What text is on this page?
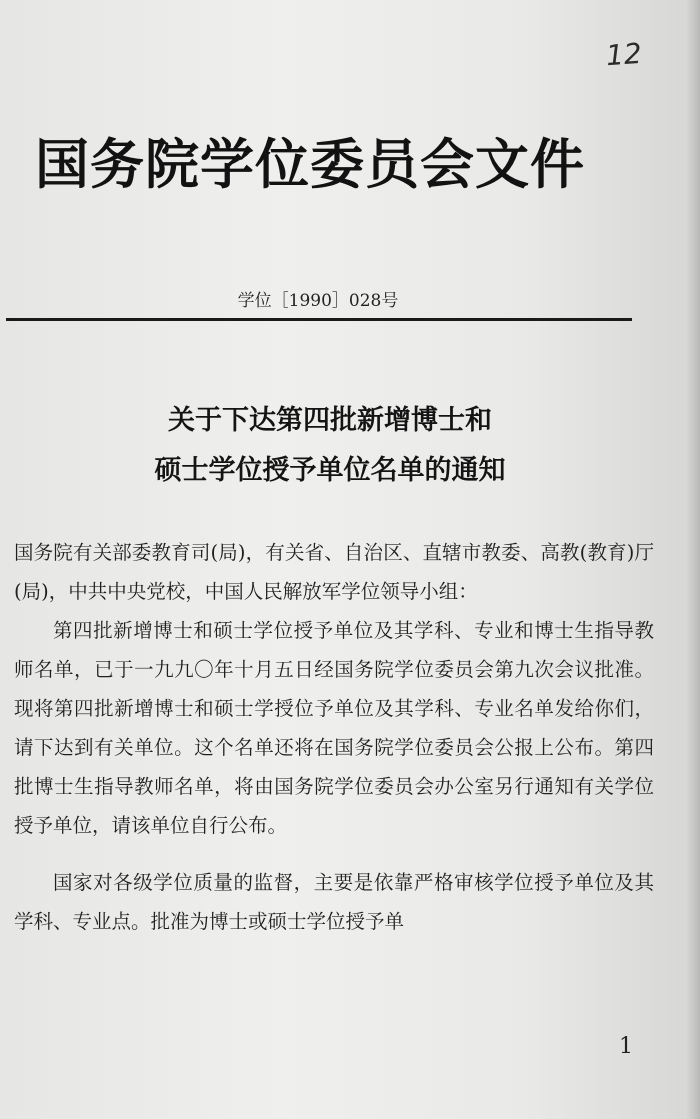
12
国务院学位委员会文件
学位［1990］028号
关于下达第四批新增博士和
硕士学位授予单位名单的通知

国务院有关部委教育司(局)，有关省、自治区、直辖市教委、高教(教育)厅(局)，中共中央党校，中国人民解放军学位领导小组：

第四批新增博士和硕士学位授予单位及其学科、专业和博士生指导教师名单，已于一九九〇年十月五日经国务院学位委员会第九次会议批准。现将第四批新增博士和硕士学授位予单位及其学科、专业名单发给你们，请下达到有关单位。这个名单还将在国务院学位委员会公报上公布。第四批博士生指导教师名单，将由国务院学位委员会办公室另行通知有关学位授予单位，请该单位自行公布。

国家对各级学位质量的监督，主要是依靠严格审核学位授予单位及其学科、专业点。批准为博士或硕士学位授予单

1
